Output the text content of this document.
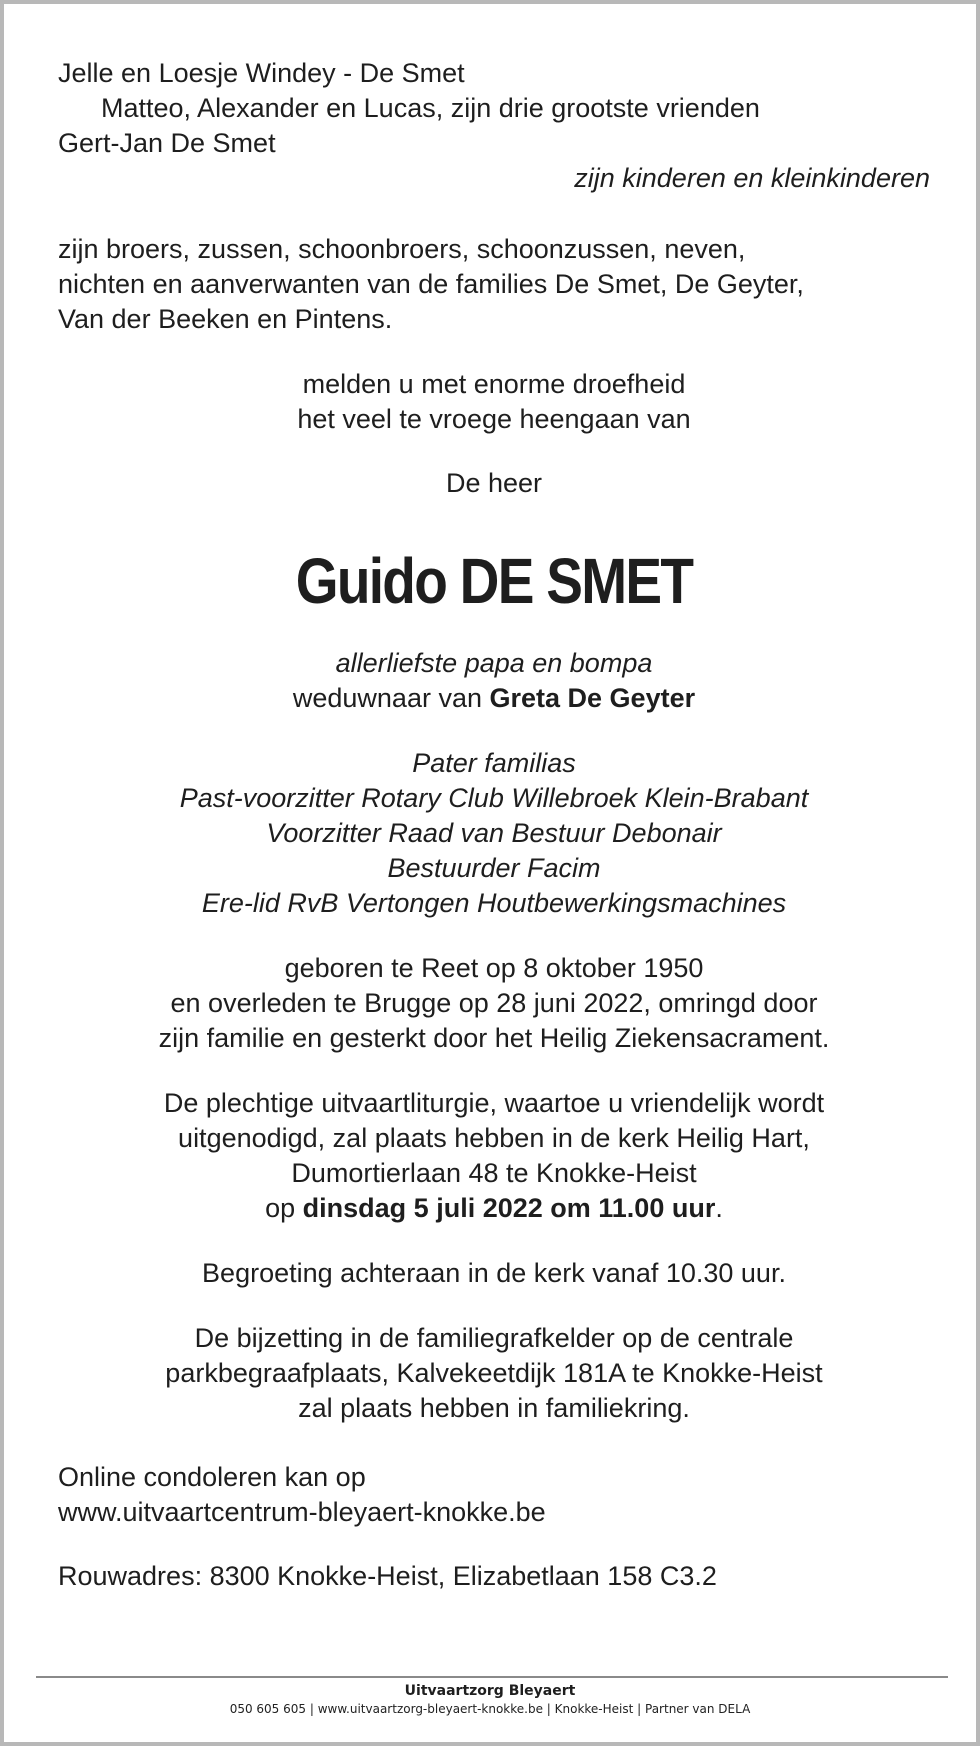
Jelle en Loesje Windey - De Smet

Matteo, Alexander en Lucas, zijn drie grootste vrienden

Gert-Jan De Smet

zijn kinderen en kleinkinderen

zijn broers, zussen, schoonbroers, schoonzussen, neven,

nichten en aanverwanten van de families De Smet, De Geyter,

Van der Beeken en Pintens.

melden u met enorme droefheid

het veel te vroege heengaan van

De heer

Guido DE SMET

allerliefste papa en bompa

weduwnaar van Greta De Geyter

Pater familias

Past-voorzitter Rotary Club Willebroek Klein-Brabant

Voorzitter Raad van Bestuur Debonair

Bestuurder Facim

Ere-lid RvB Vertongen Houtbewerkingsmachines

geboren te Reet op 8 oktober 1950

en overleden te Brugge op 28 juni 2022, omringd door

zijn familie en gesterkt door het Heilig Ziekensacrament.

De plechtige uitvaartliturgie, waartoe u vriendelijk wordt

uitgenodigd, zal plaats hebben in de kerk Heilig Hart,

Dumortierlaan 48 te Knokke-Heist

op dinsdag 5 juli 2022 om 11.00 uur.

Begroeting achteraan in de kerk vanaf 10.30 uur.

De bijzetting in de familiegrafkelder op de centrale

parkbegraafplaats, Kalvekeetdijk 181A te Knokke-Heist

zal plaats hebben in familiekring.

Online condoleren kan op

www.uitvaartcentrum-bleyaert-knokke.be

Rouwadres: 8300 Knokke-Heist, Elizabetlaan 158 C3.2

Uitvaartzorg Bleyaert
050 605 605 | www.uitvaartzorg-bleyaert-knokke.be | Knokke-Heist | Partner van DELA
